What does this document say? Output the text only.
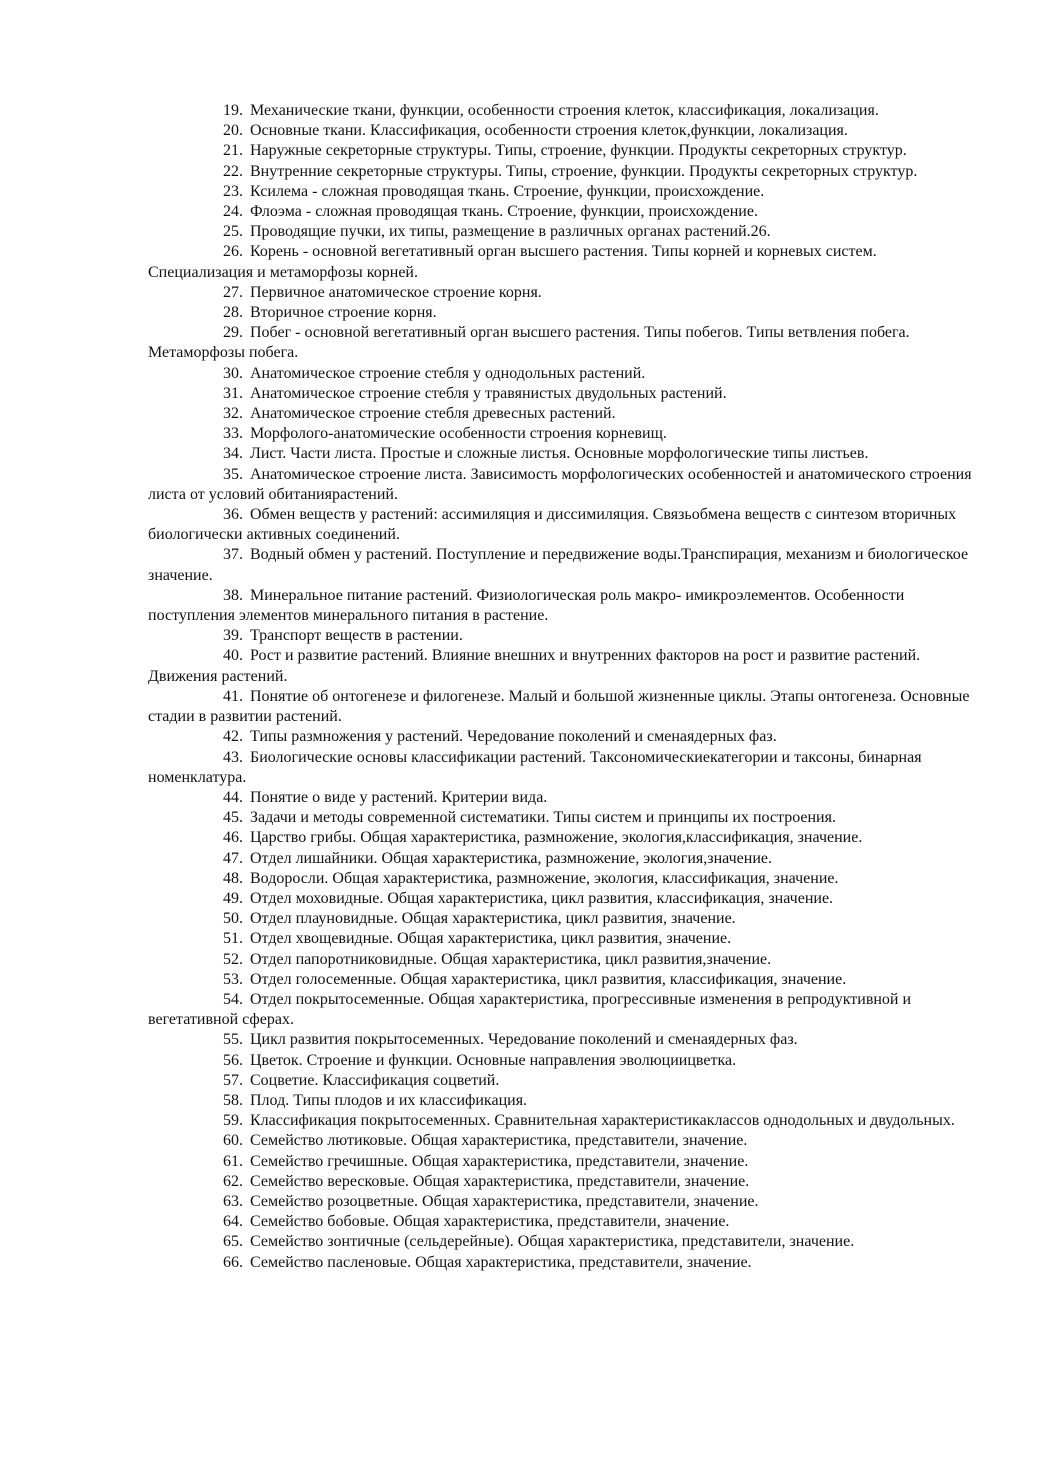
19. Механические ткани, функции, особенности строения клеток, классификация, локализация.

20. Основные ткани. Классификация, особенности строения клеток,функции, локализация.

21. Наружные секреторные структуры. Типы, строение, функции. Продукты секреторных структур.

22. Внутренние секреторные структуры. Типы, строение, функции. Продукты секреторных структур.

23. Ксилема - сложная проводящая ткань. Строение, функции, происхождение.

24. Флоэма - сложная проводящая ткань. Строение, функции, происхождение.

25. Проводящие пучки, их типы, размещение в различных органах растений.26.

26. Корень - основной вегетативный орган высшего растения. Типы корней и корневых систем. Специализация и метаморфозы корней.

27. Первичное анатомическое строение корня.

28. Вторичное строение корня.

29. Побег - основной вегетативный орган высшего растения. Типы побегов. Типы ветвления побега. Метаморфозы побега.

30. Анатомическое строение стебля у однодольных растений.

31. Анатомическое строение стебля у травянистых двудольных растений.

32. Анатомическое строение стебля древесных растений.

33. Морфолого-анатомические особенности строения корневищ.

34. Лист. Части листа. Простые и сложные листья. Основные морфологические типы листьев.

35. Анатомическое строение листа. Зависимость морфологических особенностей и анатомического строения листа от условий обитаниярастений.

36. Обмен веществ у растений: ассимиляция и диссимиляция. Связьобмена веществ с синтезом вторичных биологически активных соединений.

37. Водный обмен у растений. Поступление и передвижение воды.Транспирация, механизм и биологическое значение.

38. Минеральное питание растений. Физиологическая роль макро- имикроэлементов. Особенности поступления элементов минерального питания в растение.

39. Транспорт веществ в растении.

40. Рост и развитие растений. Влияние внешних и внутренних факторов на рост и развитие растений. Движения растений.

41. Понятие об онтогенезе и филогенезе. Малый и большой жизненные циклы. Этапы онтогенеза. Основные стадии в развитии растений.

42. Типы размножения у растений. Чередование поколений и сменаядерных фаз.

43. Биологические основы классификации растений. Таксономическиекатегории и таксоны, бинарная номенклатура.

44. Понятие о виде у растений. Критерии вида.

45. Задачи и методы современной систематики. Типы систем и принципы их построения.

46. Царство грибы. Общая характеристика, размножение, экология,классификация, значение.

47. Отдел лишайники. Общая характеристика, размножение, экология,значение.

48. Водоросли. Общая характеристика, размножение, экология, классификация, значение.

49. Отдел моховидные. Общая характеристика, цикл развития, классификация, значение.

50. Отдел плауновидные. Общая характеристика, цикл развития, значение.

51. Отдел хвощевидные. Общая характеристика, цикл развития, значение.

52. Отдел папоротниковидные. Общая характеристика, цикл развития,значение.

53. Отдел голосеменные. Общая характеристика, цикл развития, классификация, значение.

54. Отдел покрытосеменные. Общая характеристика, прогрессивные изменения в репродуктивной и вегетативной сферах.

55. Цикл развития покрытосеменных. Чередование поколений и сменаядерных фаз.

56. Цветок. Строение и функции. Основные направления эволюциицветка.

57. Соцветие. Классификация соцветий.

58. Плод. Типы плодов и их классификация.

59. Классификация покрытосеменных. Сравнительная характеристикаклассов однодольных и двудольных.

60. Семейство лютиковые. Общая характеристика, представители, значение.

61. Семейство гречишные. Общая характеристика, представители, значение.

62. Семейство вересковые. Общая характеристика, представители, значение.

63. Семейство розоцветные. Общая характеристика, представители, значение.

64. Семейство бобовые. Общая характеристика, представители, значение.

65. Семейство зонтичные (сельдерейные). Общая характеристика, представители, значение.

66. Семейство пасленовые. Общая характеристика, представители, значение.
